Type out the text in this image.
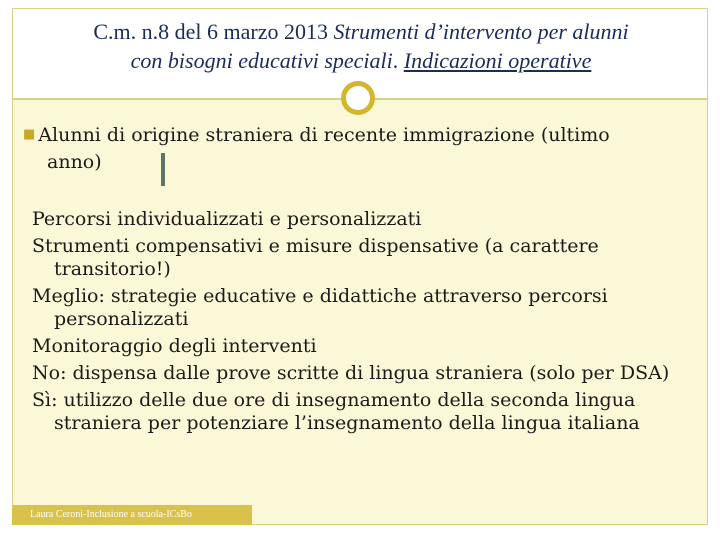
C.m. n.8 del 6 marzo 2013 Strumenti d’intervento per alunni
con bisogni educativi speciali. Indicazioni operative
■ Alunni di origine straniera di recente immigrazione (ultimo
anno)
Percorsi individualizzati e personalizzati
Strumenti compensativi e misure dispensative (a carattere
transitorio!)
Meglio: strategie educative e didattiche attraverso percorsi
personalizzati
Monitoraggio degli interventi
No: dispensa dalle prove scritte di lingua straniera (solo per DSA)
Sì: utilizzo delle due ore di insegnamento della seconda lingua
straniera per potenziare l’insegnamento della lingua italiana
Laura Ceroni-Inclusione a scuola-ICsBo
